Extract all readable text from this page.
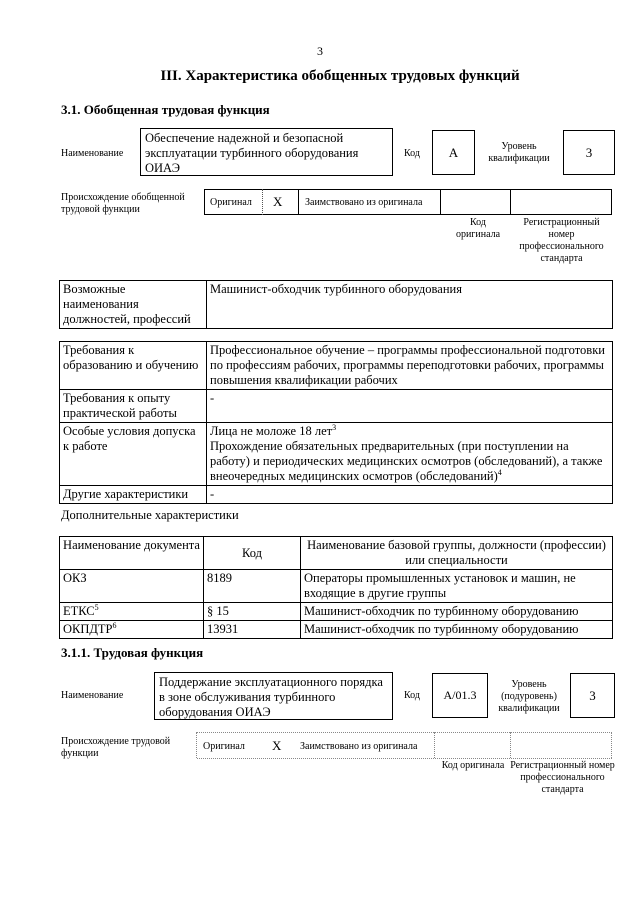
3
III. Характеристика обобщенных трудовых функций
3.1. Обобщенная трудовая функция
Наименование
Обеспечение надежной и безопасной эксплуатации турбинного оборудования ОИАЭ
Код А	Уровень квалификации	3
Происхождение обобщенной трудовой функции
Оригинал X Заимствовано из оригинала
Код оригинала
Регистрационный номер профессионального стандарта
Возможные наименования должностей, профессий	Машинист-обходчик турбинного оборудования
Требования к образованию и обучению	Профессиональное обучение – программы профессиональной подготовки по профессиям рабочих, программы переподготовки рабочих, программы повышения квалификации рабочих
Требования к опыту практической работы	-
Особые условия допуска к работе	Лица не моложе 18 лет$^3$
Прохождение обязательных предварительных (при поступлении на работу) и периодических медицинских осмотров (обследований), а также внеочередных медицинских осмотров (обследований)$^4$
Другие характеристики	-
Дополнительные характеристики
Наименование документа	Код	Наименование базовой группы, должности (профессии) или специальности
ОКЗ	8189	Операторы промышленных установок и машин, не входящие в другие группы
ЕТКС$^5$	§ 15	Машинист-обходчик по турбинному оборудованию
ОКПДТР$^6$	13931	Машинист-обходчик по турбинному оборудованию
3.1.1. Трудовая функция
Наименование
Поддержание эксплуатационного порядка в зоне обслуживания турбинного оборудования ОИАЭ
Код А/01.3
Уровень (подуровень) квалификации
3
Происхождение трудовой функции
Оригинал X Заимствовано из оригинала
Код оригинала Регистрационный номер профессионального стандарта
